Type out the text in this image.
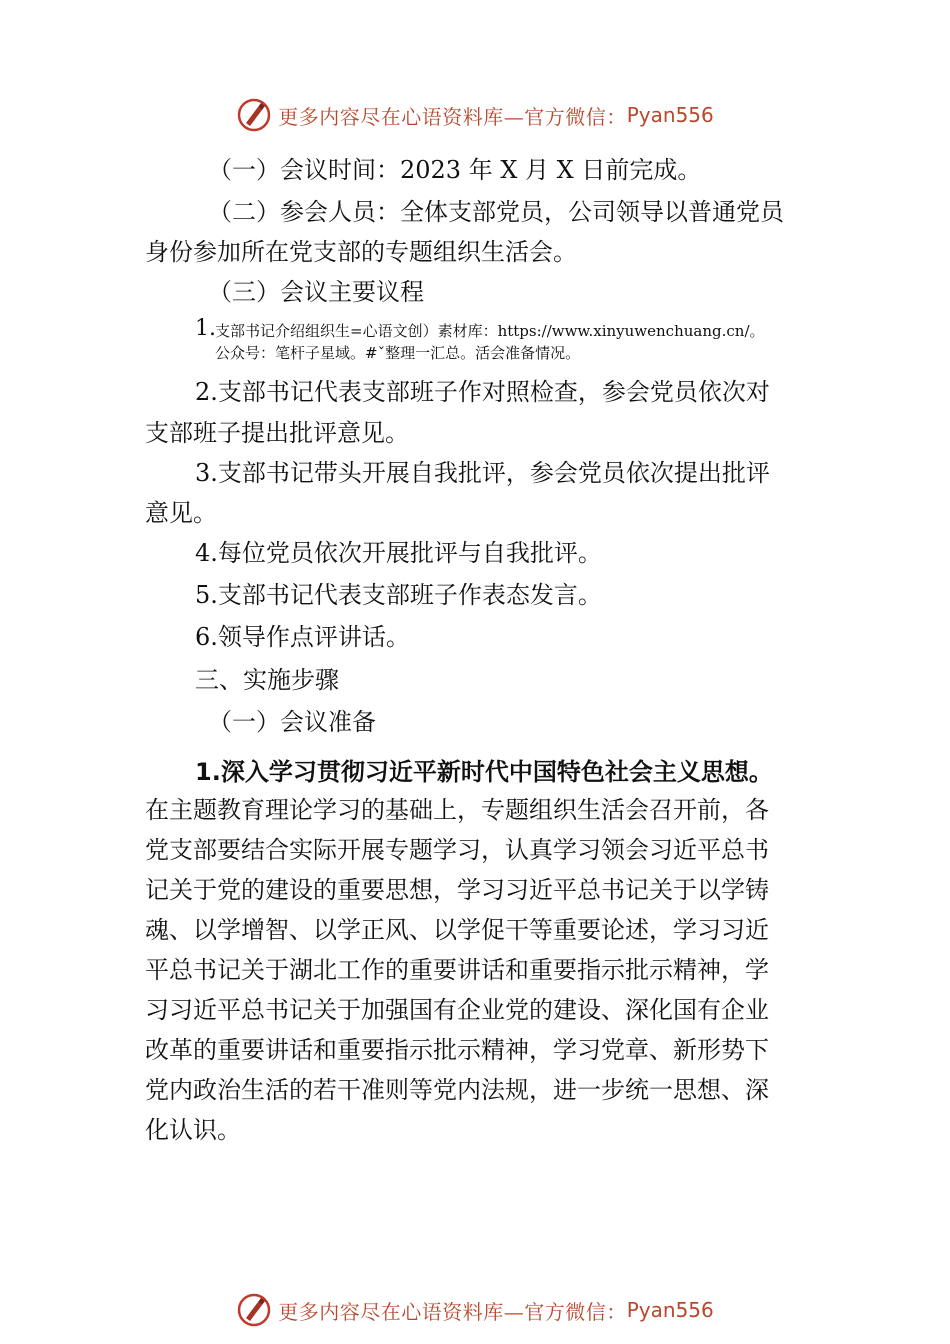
更多内容尽在心语资料库—官方微信： Pyan556
（一）会议时间：2023 年 X 月 X 日前完成。
（二）参会人员：全体支部党员，公司领导以普通党员
身份参加所在党支部的专题组织生活会。
（三）会议主要议程
1. 支部书记介绍组织生=心语文创）素材库：https://www.xinyuwenchuang.cn/。
公众号：笔杆子星域。#ˇ整理一汇总。活会准备情况。
2.支部书记代表支部班子作对照检查，参会党员依次对
支部班子提出批评意见。
3.支部书记带头开展自我批评，参会党员依次提出批评
意见。
4.每位党员依次开展批评与自我批评。
5.支部书记代表支部班子作表态发言。
6.领导作点评讲话。
三、实施步骤
（一）会议准备
1.深入学习贯彻习近平新时代中国特色社会主义思想。
在主题教育理论学习的基础上，专题组织生活会召开前，各
党支部要结合实际开展专题学习，认真学习领会习近平总书
记关于党的建设的重要思想，学习习近平总书记关于以学铸
魂、以学增智、以学正风、以学促干等重要论述，学习习近
平总书记关于湖北工作的重要讲话和重要指示批示精神，学
习习近平总书记关于加强国有企业党的建设、深化国有企业
改革的重要讲话和重要指示批示精神，学习党章、新形势下
党内政治生活的若干准则等党内法规，进一步统一思想、深
化认识。
更多内容尽在心语资料库—官方微信： Pyan556
